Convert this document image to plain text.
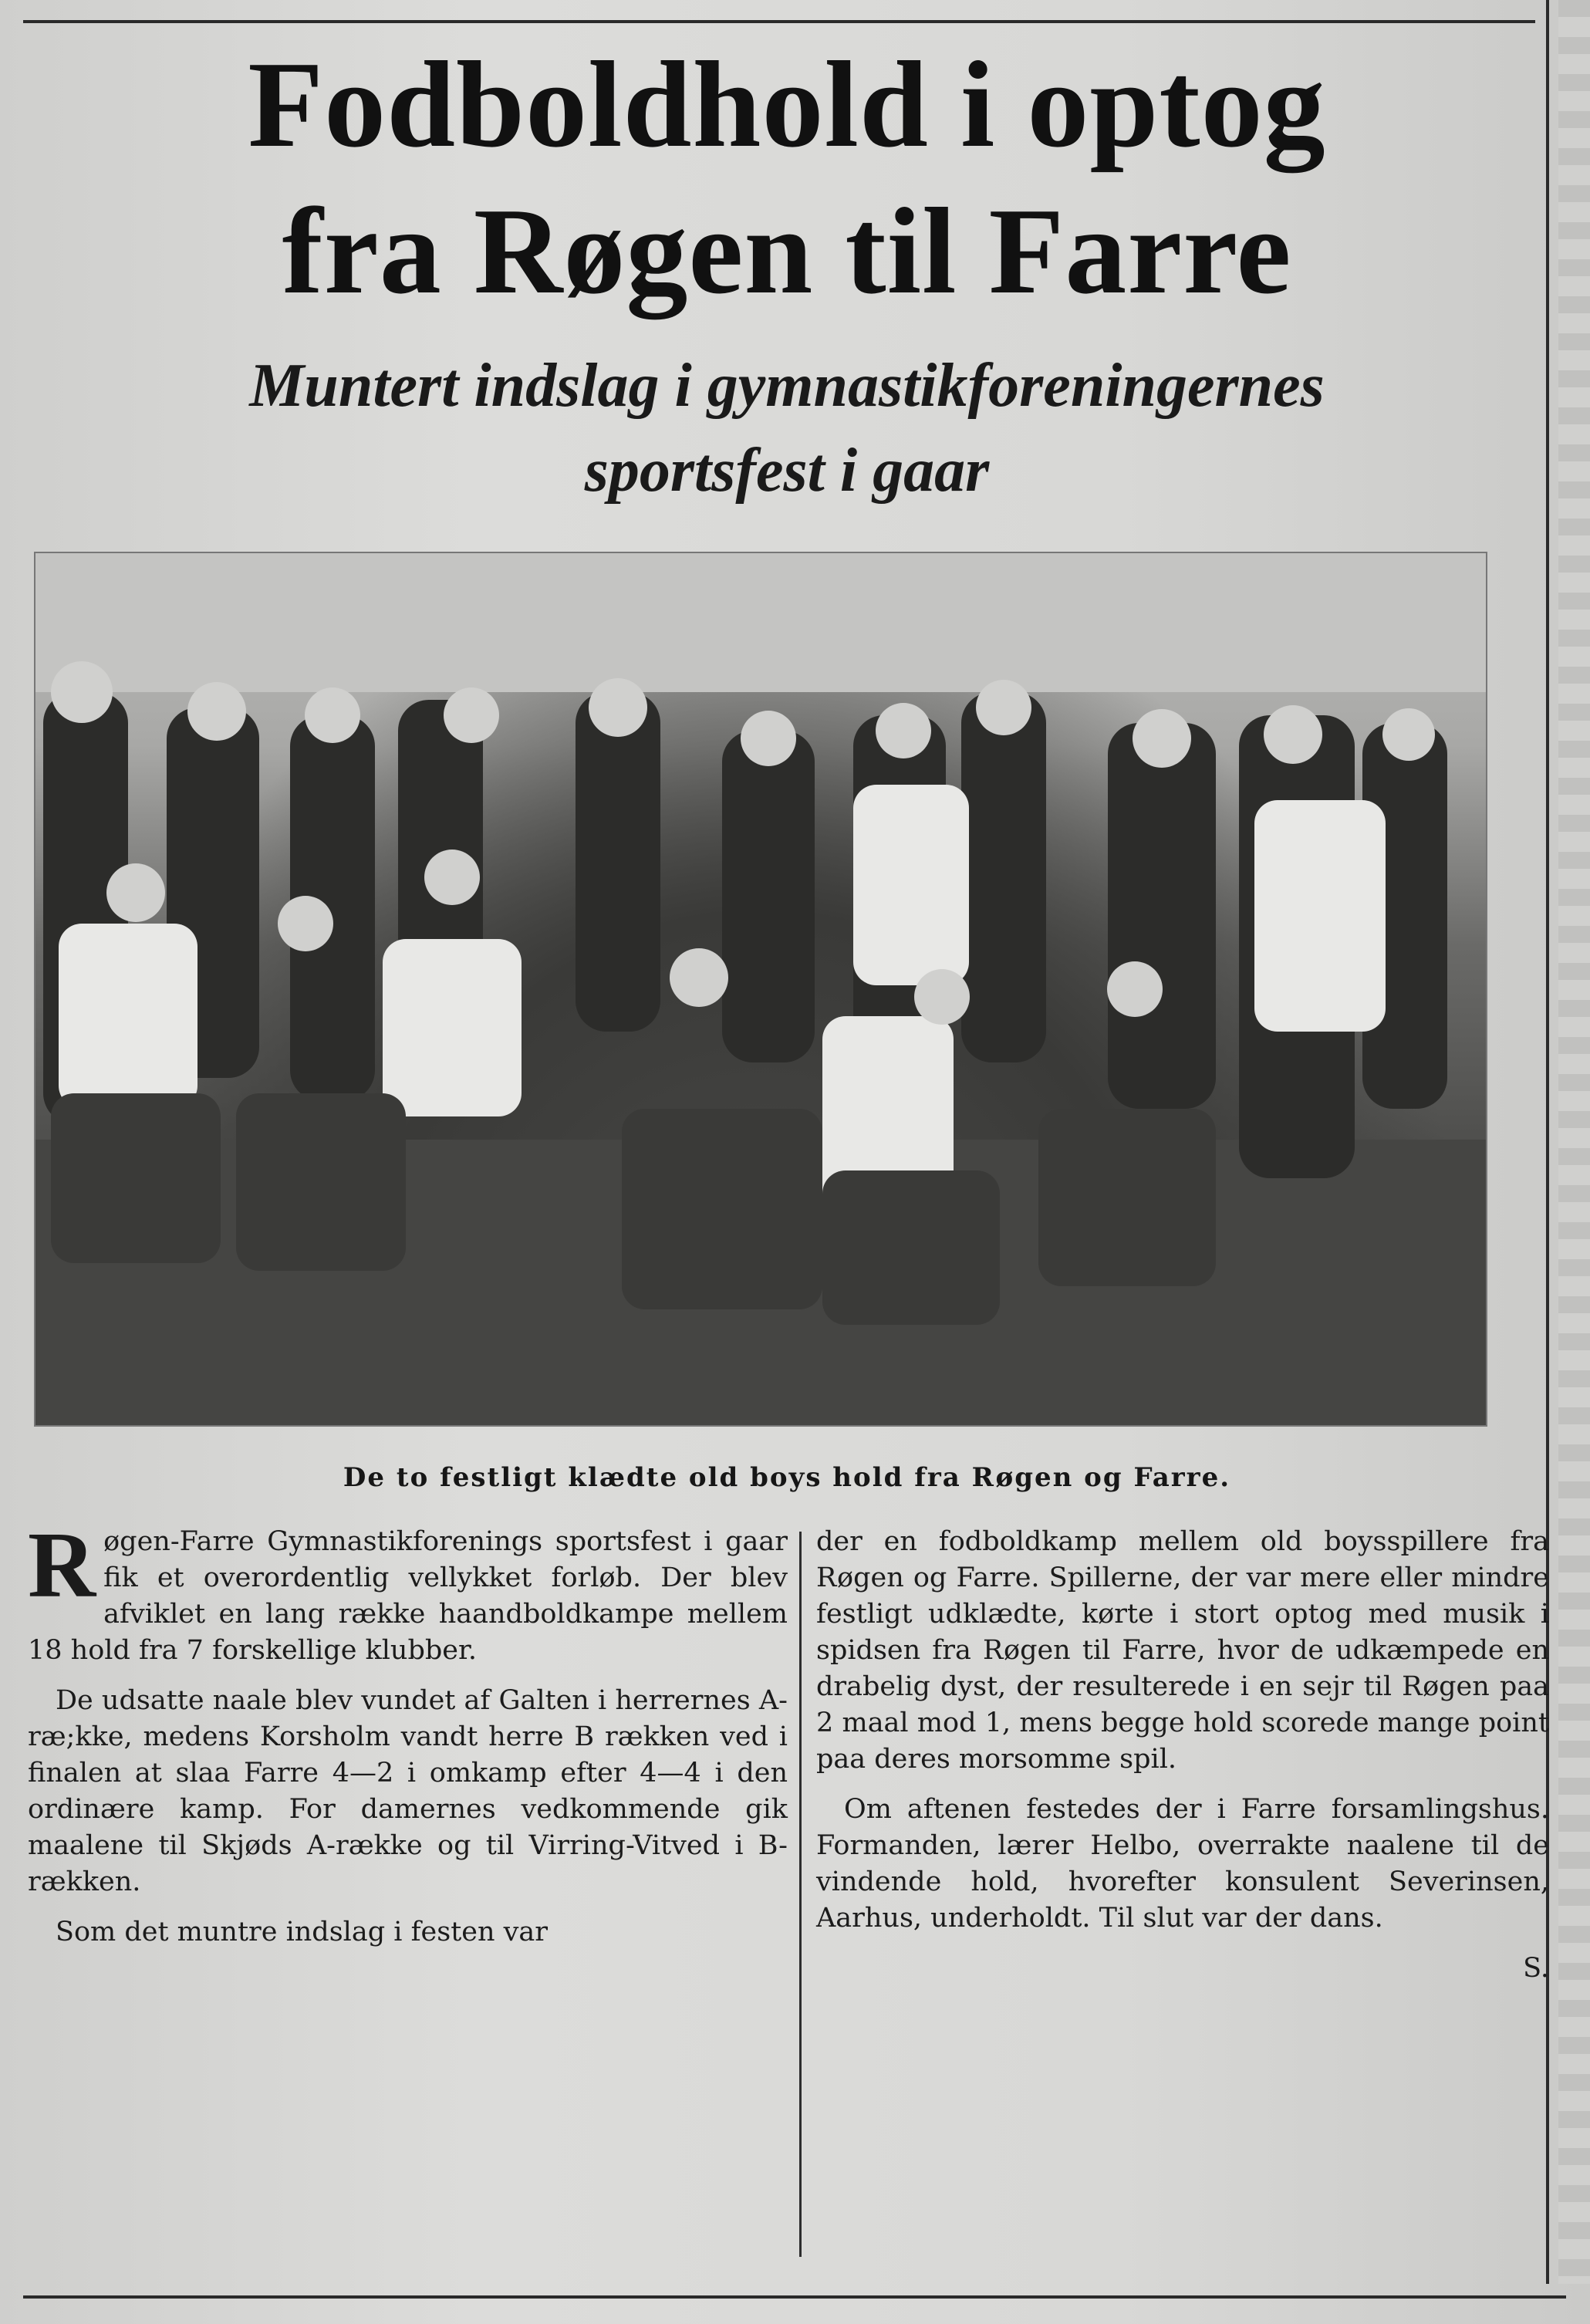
Fodboldhold i optog
fra Røgen til Farre
Muntert indslag i gymnastikforeningernes
sportsfest i gaar

De to festligt klædte old boys hold fra Røgen og Farre.

Røgen-Farre Gymnastikforenings sportsfest i gaar fik et overordentlig vellykket forløb. Der blev afviklet en lang række haandboldkampe mellem 18 hold fra 7 forskellige klubber.

De udsatte naale blev vundet af Galten i herrernes A-ræ;kke, medens Korsholm vandt herre B rækken ved i finalen at slaa Farre 4—2 i omkamp efter 4—4 i den ordinære kamp. For damernes vedkommende gik maalene til Skjøds A-række og til Virring-Vitved i B-rækken.

Som det muntre indslag i festen var

der en fodboldkamp mellem old boysspillere fra Røgen og Farre. Spillerne, der var mere eller mindre festligt udklædte, kørte i stort optog med musik i spidsen fra Røgen til Farre, hvor de udkæmpede en drabelig dyst, der resulterede i en sejr til Røgen paa 2 maal mod 1, mens begge hold scorede mange point paa deres morsomme spil.

Om aftenen festedes der i Farre forsamlingshus. Formanden, lærer Helbo, overrakte naalene til de vindende hold, hvorefter konsulent Severinsen, Aarhus, underholdt. Til slut var der dans.

S.
